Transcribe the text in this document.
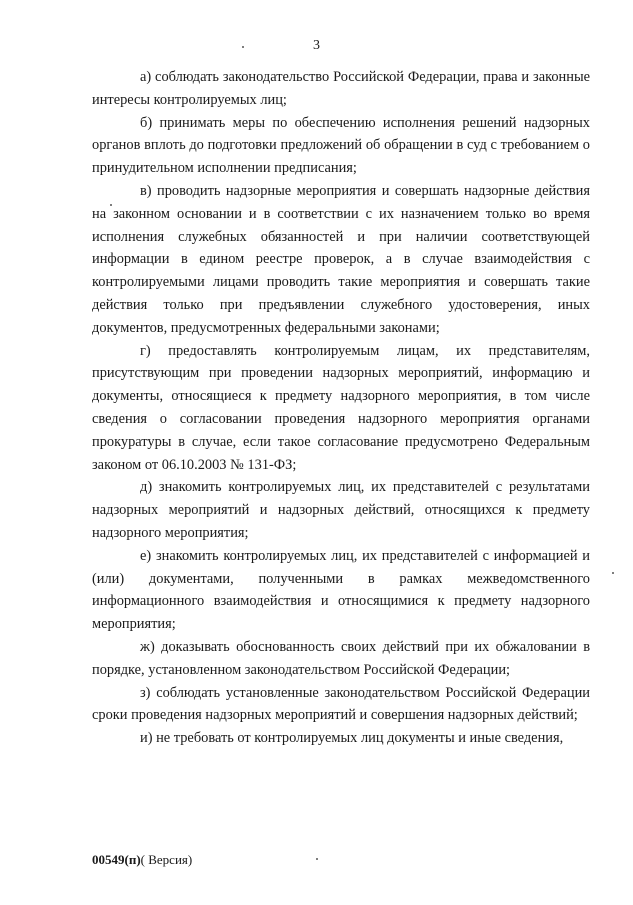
3

а) соблюдать законодательство Российской Федерации, права и законные интересы контролируемых лиц;

б) принимать меры по обеспечению исполнения решений надзорных органов вплоть до подготовки предложений об обращении в суд с требованием о принудительном исполнении предписания;

в) проводить надзорные мероприятия и совершать надзорные действия на законном основании и в соответствии с их назначением только во время исполнения служебных обязанностей и при наличии соответствующей информации в едином реестре проверок, а в случае взаимодействия с контролируемыми лицами проводить такие мероприятия и совершать такие действия только при предъявлении служебного удостоверения, иных документов, предусмотренных федеральными законами;

г) предоставлять контролируемым лицам, их представителям, присутствующим при проведении надзорных мероприятий, информацию и документы, относящиеся к предмету надзорного мероприятия, в том числе сведения о согласовании проведения надзорного мероприятия органами прокуратуры в случае, если такое согласование предусмотрено Федеральным законом от 06.10.2003 № 131-ФЗ;

д) знакомить контролируемых лиц, их представителей с результатами надзорных мероприятий и надзорных действий, относящихся к предмету надзорного мероприятия;

е) знакомить контролируемых лиц, их представителей с информацией и (или) документами, полученными в рамках межведомственного информационного взаимодействия и относящимися к предмету надзорного мероприятия;

ж) доказывать обоснованность своих действий при их обжаловании в порядке, установленном законодательством Российской Федерации;

з) соблюдать установленные законодательством Российской Федерации сроки проведения надзорных мероприятий и совершения надзорных действий;

и) не требовать от контролируемых лиц документы и иные сведения,

00549(п)( Версия)
